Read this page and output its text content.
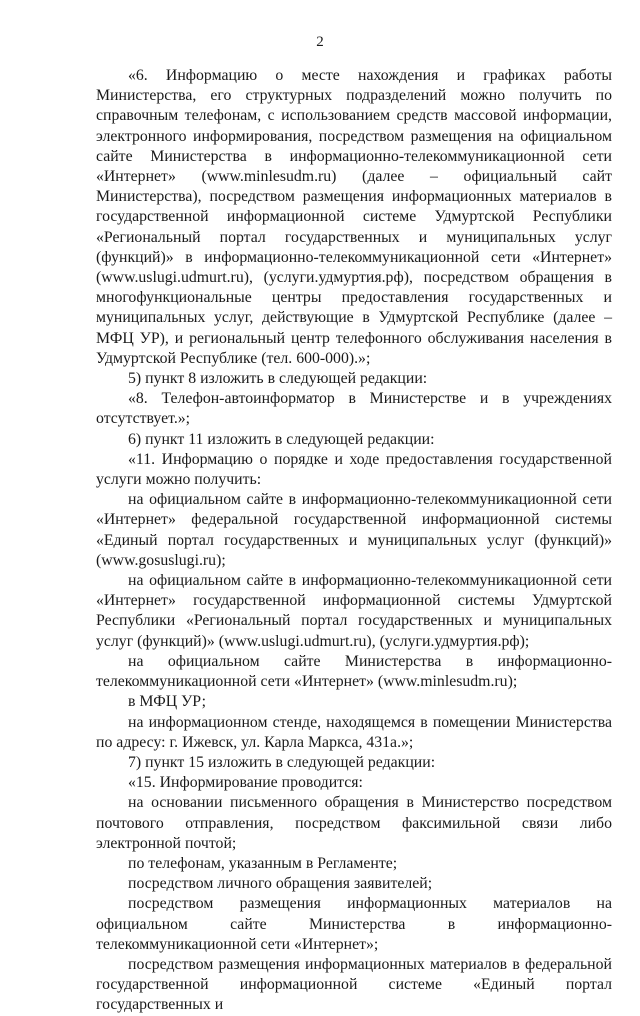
2

«6. Информацию о месте нахождения и графиках работы Министерства, его структурных подразделений можно получить по справочным телефонам, с использованием средств массовой информации, электронного информирования, посредством размещения на официальном сайте Министерства в информационно-телекоммуникационной сети «Интернет» (www.minlesudm.ru) (далее – официальный сайт Министерства), посредством размещения информационных материалов в государственной информационной системе Удмуртской Республики «Региональный портал государственных и муниципальных услуг (функций)» в информационно-телекоммуникационной сети «Интернет» (www.uslugi.udmurt.ru), (услуги.удмуртия.рф), посредством обращения в многофункциональные центры предоставления государственных и муниципальных услуг, действующие в Удмуртской Республике (далее – МФЦ УР), и региональный центр телефонного обслуживания населения в Удмуртской Республике (тел. 600-000).»;

5) пункт 8 изложить в следующей редакции:

«8. Телефон-автоинформатор в Министерстве и в учреждениях отсутствует.»;

6) пункт 11 изложить в следующей редакции:

«11. Информацию о порядке и ходе предоставления государственной услуги можно получить:

на официальном сайте в информационно-телекоммуникационной сети «Интернет» федеральной государственной информационной системы «Единый портал государственных и муниципальных услуг (функций)» (www.gosuslugi.ru);

на официальном сайте в информационно-телекоммуникационной сети «Интернет» государственной информационной системы Удмуртской Республики «Региональный портал государственных и муниципальных услуг (функций)» (www.uslugi.udmurt.ru), (услуги.удмуртия.рф);

на официальном сайте Министерства в информационно-телекоммуникационной сети «Интернет» (www.minlesudm.ru);

в МФЦ УР;

на информационном стенде, находящемся в помещении Министерства по адресу: г. Ижевск, ул. Карла Маркса, 431а.»;

7) пункт 15 изложить в следующей редакции:

«15. Информирование проводится:

на основании письменного обращения в Министерство посредством почтового отправления, посредством факсимильной связи либо электронной почтой;

по телефонам, указанным в Регламенте;

посредством личного обращения заявителей;

посредством размещения информационных материалов на официальном сайте Министерства в информационно-телекоммуникационной сети «Интернет»;

посредством размещения информационных материалов в федеральной государственной информационной системе «Единый портал государственных и
